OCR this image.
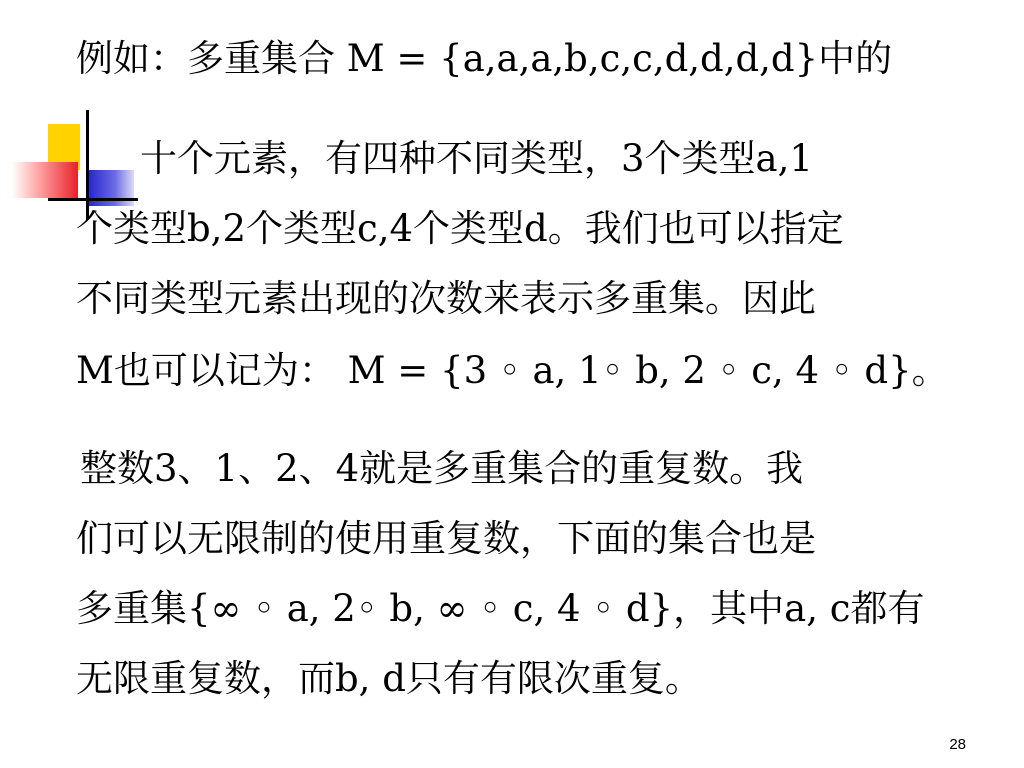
例如：多重集合 M = {a,a,a,b,c,c,d,d,d,d}中的
十个元素，有四种不同类型，3个类型a,1
个类型b,2个类型c,4个类型d。我们也可以指定
不同类型元素出现的次数来表示多重集。因此
M也可以记为： M = {3 ◦ a, 1◦ b, 2 ◦ c, 4 ◦ d}。
整数3、1、2、4就是多重集合的重复数。我
们可以无限制的使用重复数，下面的集合也是
多重集{∞ ◦ a, 2◦ b, ∞ ◦ c, 4 ◦ d}，其中a, c都有
无限重复数，而b, d只有有限次重复。
28
